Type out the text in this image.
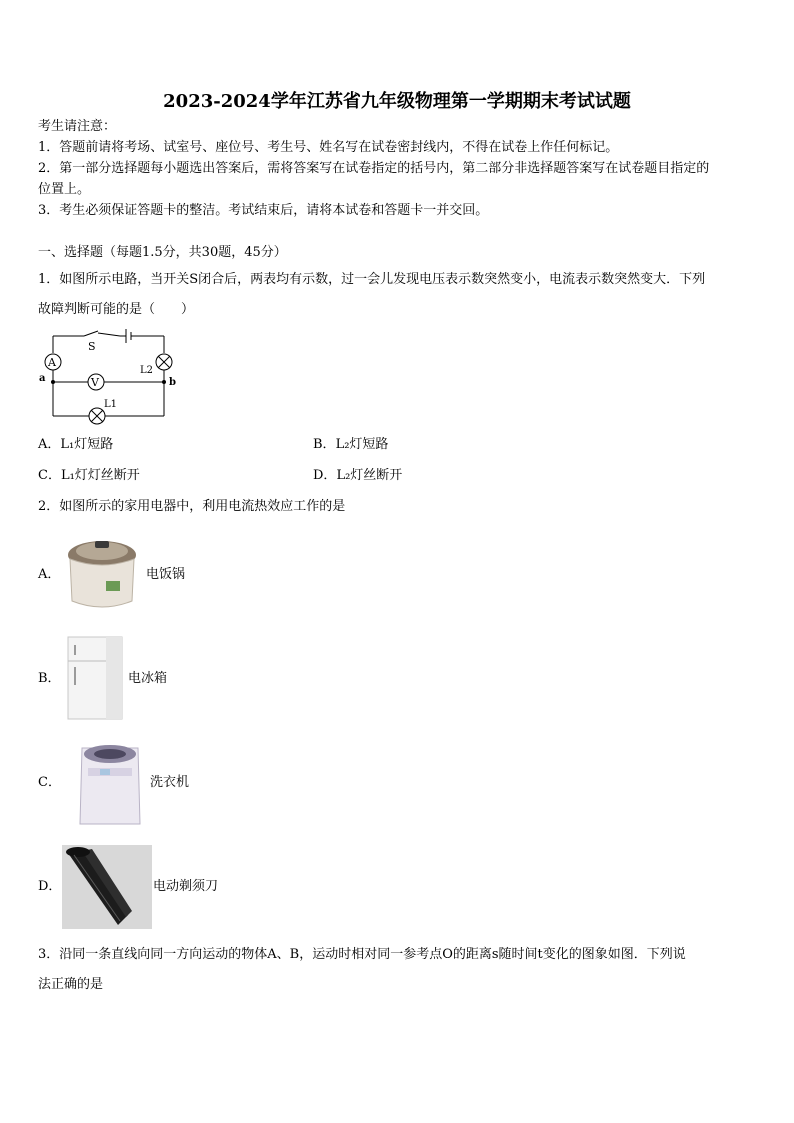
2023-2024学年江苏省九年级物理第一学期期末考试试题
考生请注意：
1．答题前请将考场、试室号、座位号、考生号、姓名写在试卷密封线内，不得在试卷上作任何标记。
2．第一部分选择题每小题选出答案后，需将答案写在试卷指定的括号内，第二部分非选择题答案写在试卷题目指定的
位置上。
3．考生必须保证答题卡的整洁。考试结束后，请将本试卷和答题卡一并交回。
一、选择题（每题1.5分，共30题，45分）
1．如图所示电路，当开关S闭合后，两表均有示数，过一会儿发现电压表示数突然变小，电流表示数突然变大．下列
故障判断可能的是（　　）
A
V
S
L2
L1
a	b
A．L₁灯短路	B．L₂灯短路
C．L₁灯灯丝断开	D．L₂灯丝断开
2．如图所示的家用电器中，利用电流热效应工作的是
A．	电饭锅
B．	电冰箱
C．	洗衣机
D．	电动剃须刀
3．沿同一条直线向同一方向运动的物体A、B，运动时相对同一参考点O的距离s随时间t变化的图象如图．下列说
法正确的是
